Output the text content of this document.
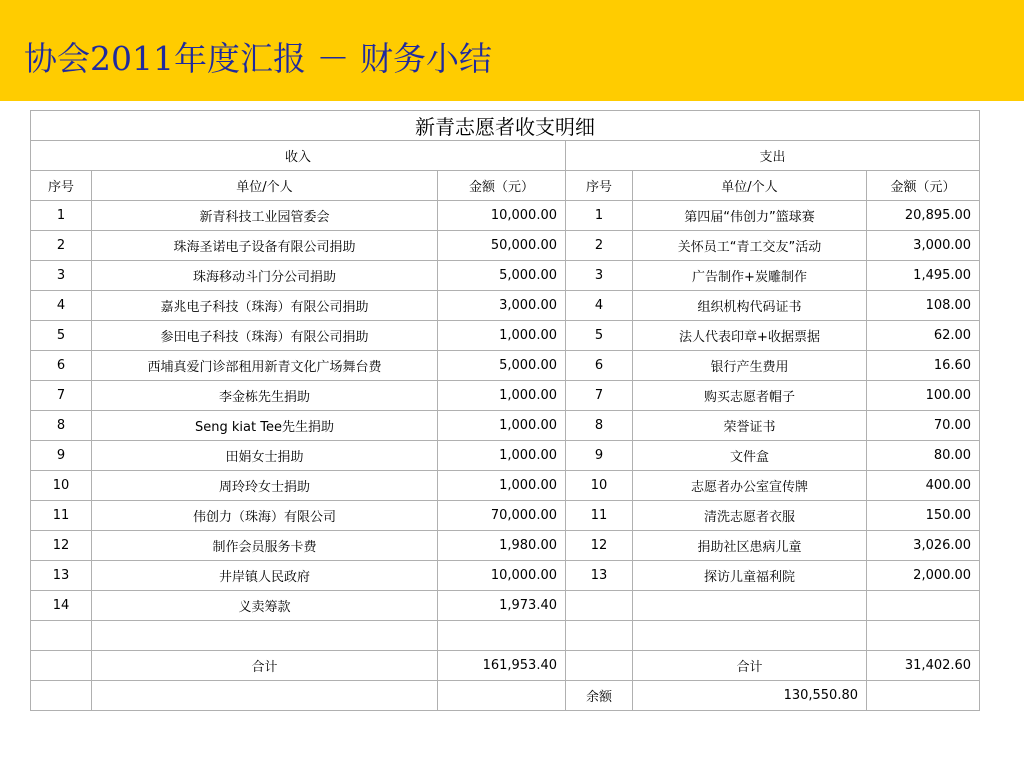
协会2011年度汇报 － 财务小结
新青志愿者收支明细					
收入			支出		
序号	单位/个人	金额（元）	序号	单位/个人	金额（元）
1	新青科技工业园管委会	10,000.00	1	第四届“伟创力”篮球赛	20,895.00
2	珠海圣诺电子设备有限公司捐助	50,000.00	2	关怀员工“青工交友”活动	3,000.00
3	珠海移动斗门分公司捐助	5,000.00	3	广告制作+炭雕制作	1,495.00
4	嘉兆电子科技（珠海）有限公司捐助	3,000.00	4	组织机构代码证书	108.00
5	参田电子科技（珠海）有限公司捐助	1,000.00	5	法人代表印章+收据票据	62.00
6	西埔真爱门诊部租用新青文化广场舞台费	5,000.00	6	银行产生费用	16.60
7	李金栋先生捐助	1,000.00	7	购买志愿者帽子	100.00
8	Seng kiat Tee先生捐助	1,000.00	8	荣誉证书	70.00
9	田娟女士捐助	1,000.00	9	文件盒	80.00
10	周玲玲女士捐助	1,000.00	10	志愿者办公室宣传牌	400.00
11	伟创力（珠海）有限公司	70,000.00	11	清洗志愿者衣服	150.00
12	制作会员服务卡费	1,980.00	12	捐助社区患病儿童	3,026.00
13	井岸镇人民政府	10,000.00	13	探访儿童福利院	2,000.00
14	义卖筹款	1,973.40			

	合计	161,953.40		合计	31,402.60
			余额	130,550.80	
